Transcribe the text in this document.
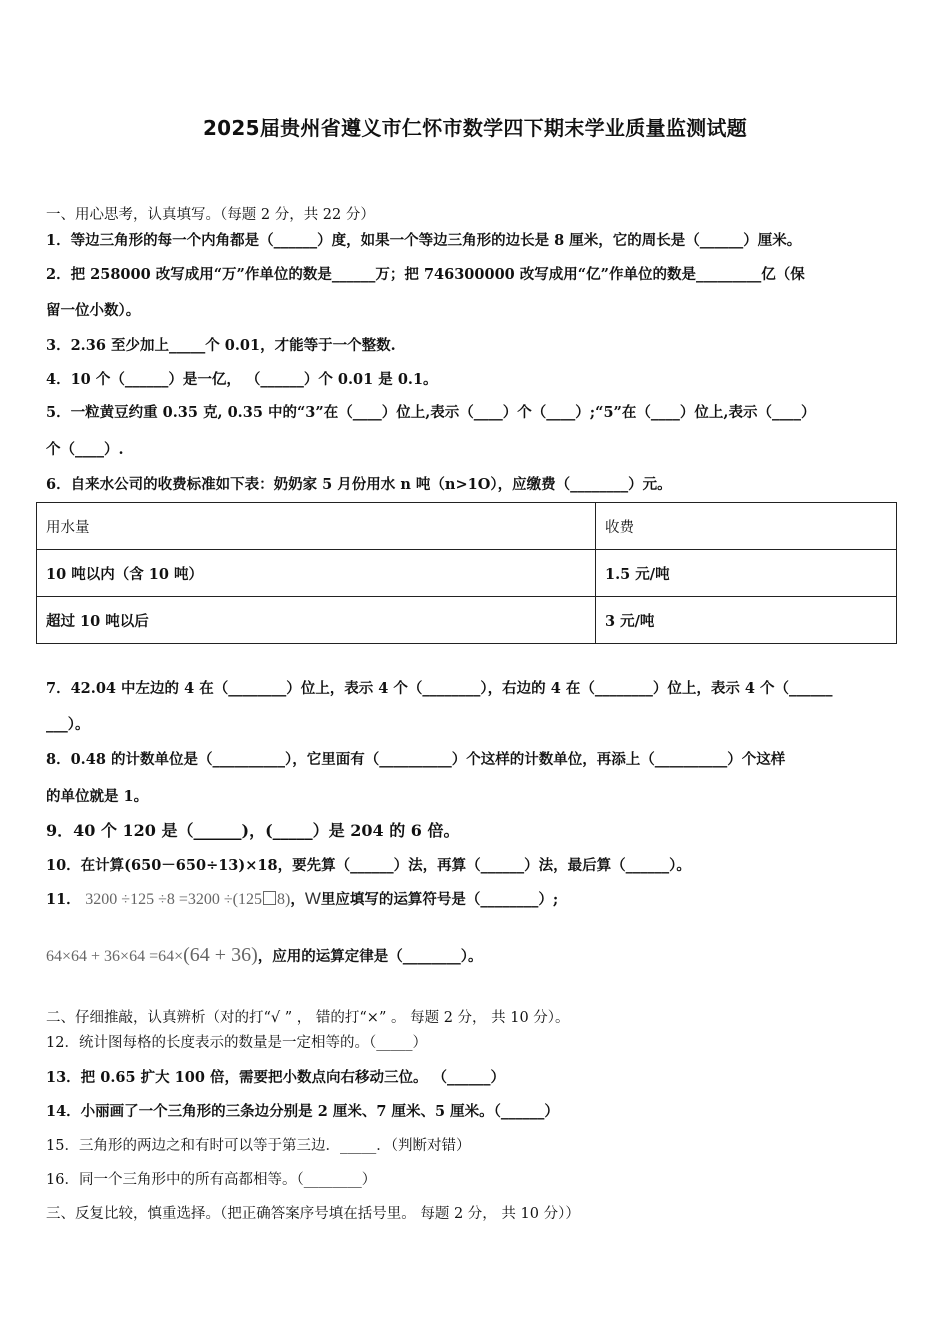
2025届贵州省遵义市仁怀市数学四下期末学业质量监测试题
一、用心思考，认真填写。（每题 2 分，共 22 分）
1．等边三角形的每一个内角都是（______）度，如果一个等边三角形的边长是 8 厘米，它的周长是（______）厘米。
2．把 258000 改写成用“万”作单位的数是______万；把 746300000 改写成用“亿”作单位的数是_________亿（保
留一位小数）。
3．2.36 至少加上_____个 0.01，才能等于一个整数.
4．10 个（______）是一亿， （______）个 0.01 是 0.1。
5．一粒黄豆约重 0.35 克, 0.35 中的“3”在（____）位上,表示（____）个（____）;“5”在（____）位上,表示（____）
个（____）.
6．自来水公司的收费标准如下表：奶奶家 5 月份用水 n 吨（n>1O），应缴费（________）元。
用水量	收费
10 吨以内（含 10 吨）	1.5 元/吨
超过 10 吨以后	3 元/吨
7．42.04 中左边的 4 在（________）位上，表示 4 个（________），右边的 4 在（________）位上，表示 4 个（______
___）。
8．0.48 的计数单位是（__________），它里面有（__________）个这样的计数单位，再添上（__________）个这样
的单位就是 1。
9．40 个 120 是（______)，(_____）是 204 的 6 倍。
10．在计算(650－650÷13)×18，要先算（______）法，再算（______）法，最后算（______）。
11． 3200 ÷125 ÷8 =3200 ÷(125 8)，W里应填写的运算符号是（________）;
64×64 + 36×64 =64×(64 + 36)，应用的运算定律是（________）。
二、仔细推敲，认真辨析（对的打“√ ” ， 错的打“×” 。 每题 2 分， 共 10 分）。
12．统计图每格的长度表示的数量是一定相等的。（_____）
13．把 0.65 扩大 100 倍，需要把小数点向右移动三位。 （______）
14．小丽画了一个三角形的三条边分别是 2 厘米、7 厘米、5 厘米。（______）
15．三角形的两边之和有时可以等于第三边．_____．（判断对错）
16．同一个三角形中的所有高都相等。（________）
三、反复比较，慎重选择。（把正确答案序号填在括号里。 每题 2 分， 共 10 分））
